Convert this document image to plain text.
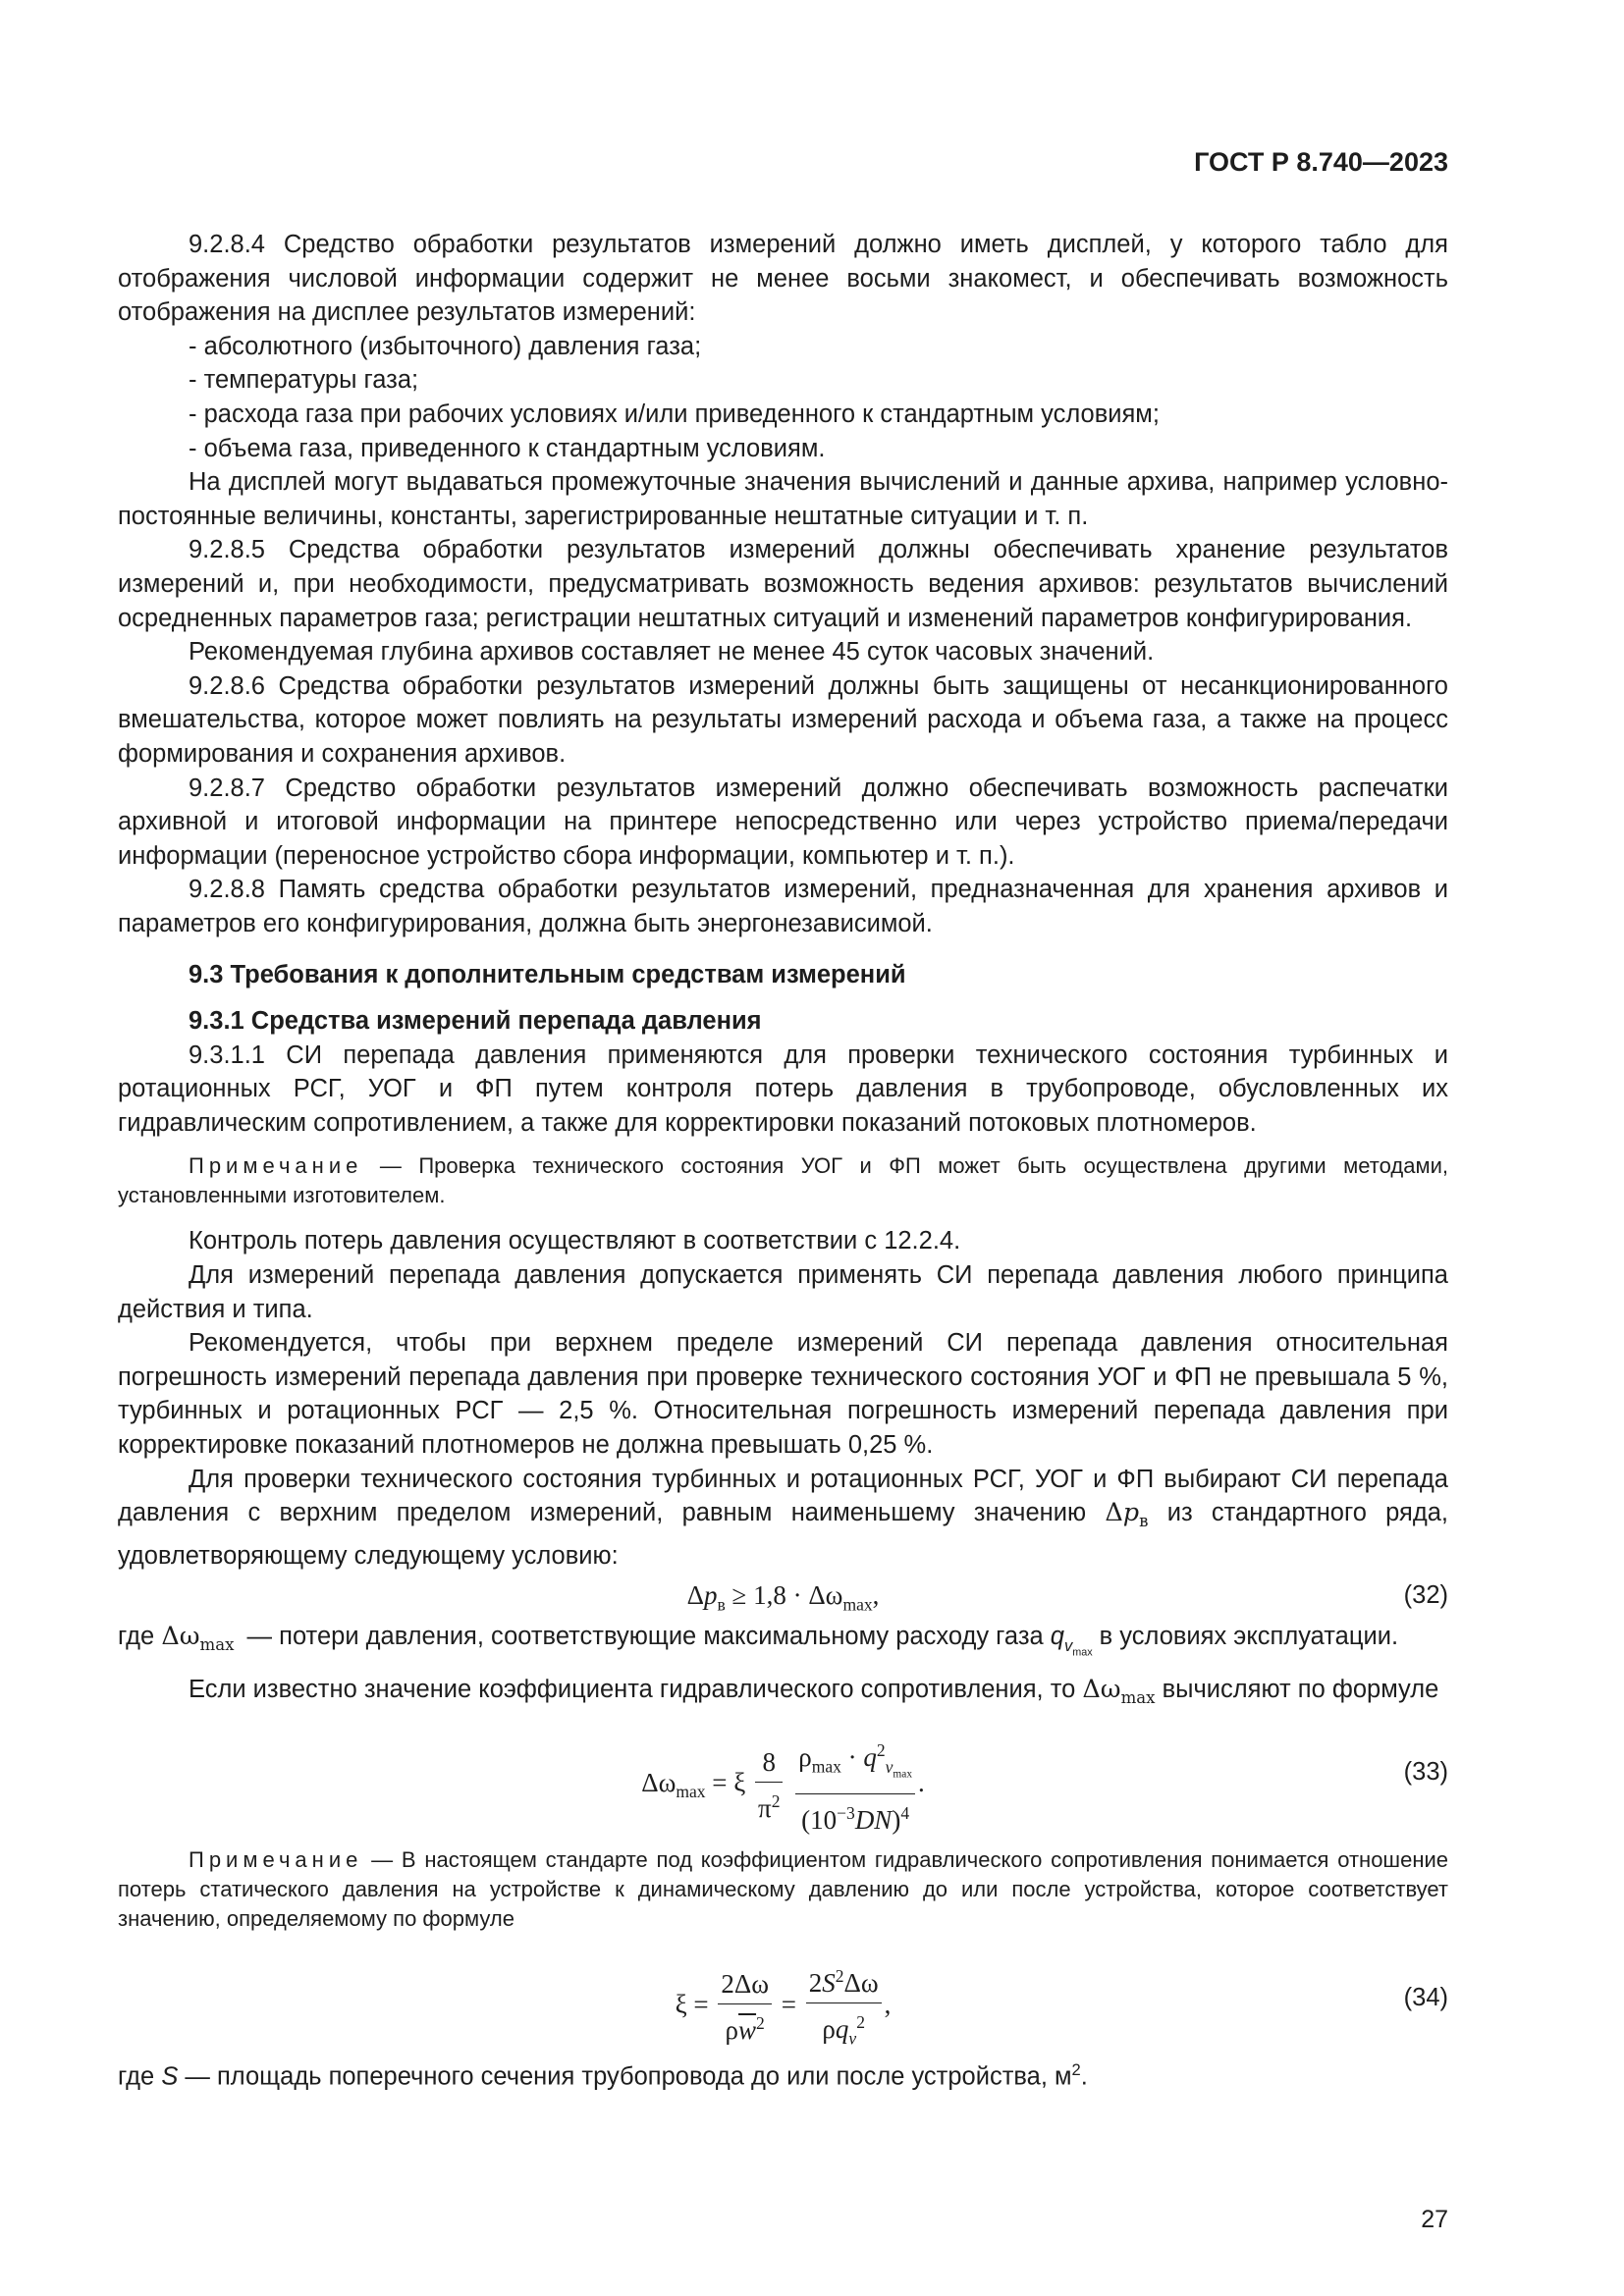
ГОСТ Р 8.740—2023

9.2.8.4 Средство обработки результатов измерений должно иметь дисплей, у которого табло для отображения числовой информации содержит не менее восьми знакомест, и обеспечивать возможность отображения на дисплее результатов измерений:

- абсолютного (избыточного) давления газа;

- температуры газа;

- расхода газа при рабочих условиях и/или приведенного к стандартным условиям;

- объема газа, приведенного к стандартным условиям.

На дисплей могут выдаваться промежуточные значения вычислений и данные архива, например условно-постоянные величины, константы, зарегистрированные нештатные ситуации и т. п.

9.2.8.5 Средства обработки результатов измерений должны обеспечивать хранение результатов измерений и, при необходимости, предусматривать возможность ведения архивов: результатов вычислений осредненных параметров газа; регистрации нештатных ситуаций и изменений параметров конфигурирования.

Рекомендуемая глубина архивов составляет не менее 45 суток часовых значений.

9.2.8.6 Средства обработки результатов измерений должны быть защищены от несанкционированного вмешательства, которое может повлиять на результаты измерений расхода и объема газа, а также на процесс формирования и сохранения архивов.

9.2.8.7 Средство обработки результатов измерений должно обеспечивать возможность распечатки архивной и итоговой информации на принтере непосредственно или через устройство приема/передачи информации (переносное устройство сбора информации, компьютер и т. п.).

9.2.8.8 Память средства обработки результатов измерений, предназначенная для хранения архивов и параметров его конфигурирования, должна быть энергонезависимой.

9.3 Требования к дополнительным средствам измерений

9.3.1 Средства измерений перепада давления

9.3.1.1 СИ перепада давления применяются для проверки технического состояния турбинных и ротационных РСГ, УОГ и ФП путем контроля потерь давления в трубопроводе, обусловленных их гидравлическим сопротивлением, а также для корректировки показаний потоковых плотномеров.

Примечание — Проверка технического состояния УОГ и ФП может быть осуществлена другими методами, установленными изготовителем.

Контроль потерь давления осуществляют в соответствии с 12.2.4.

Для измерений перепада давления допускается применять СИ перепада давления любого принципа действия и типа.

Рекомендуется, чтобы при верхнем пределе измерений СИ перепада давления относительная погрешность измерений перепада давления при проверке технического состояния УОГ и ФП не превышала 5 %, турбинных и ротационных РСГ — 2,5 %. Относительная погрешность измерений перепада давления при корректировке показаний плотномеров не должна превышать 0,25 %.

Для проверки технического состояния турбинных и ротационных РСГ, УОГ и ФП выбирают СИ перепада давления с верхним пределом измерений, равным наименьшему значению $\Delta p_в$ из стандартного ряда, удовлетворяющему следующему условию:

$\Delta p_в \ge 1,8 \cdot \Delta\omega_{max}$,	(32)
где $\Delta\omega_{max}$ — потери давления, соответствующие максимальному расходу газа $q_{v_{max}}$ в условиях эксплуатации.

Если известно значение коэффициента гидравлического сопротивления, то $\Delta\omega_{max}$ вычисляют по формуле

$\Delta\omega_{max} = \xi \frac{8}{\pi^2}$
$\frac{\rho_{max} \cdot q^2_{v_{max}}}{(10^{-3}DN)^4}$ .	(33)

Примечание — В настоящем стандарте под коэффициентом гидравлического сопротивления понимается отношение потерь статического давления на устройстве к динамическому давлению до или после устройства, которое соответствует значению, определяемому по формуле

$\xi = \frac{2\Delta\omega}{\rho\overline{w}^2} = \frac{2S^2\Delta\omega}{\rho q_v^2}$ ,	(34)

где S — площадь поперечного сечения трубопровода до или после устройства, $м^2$.

27
